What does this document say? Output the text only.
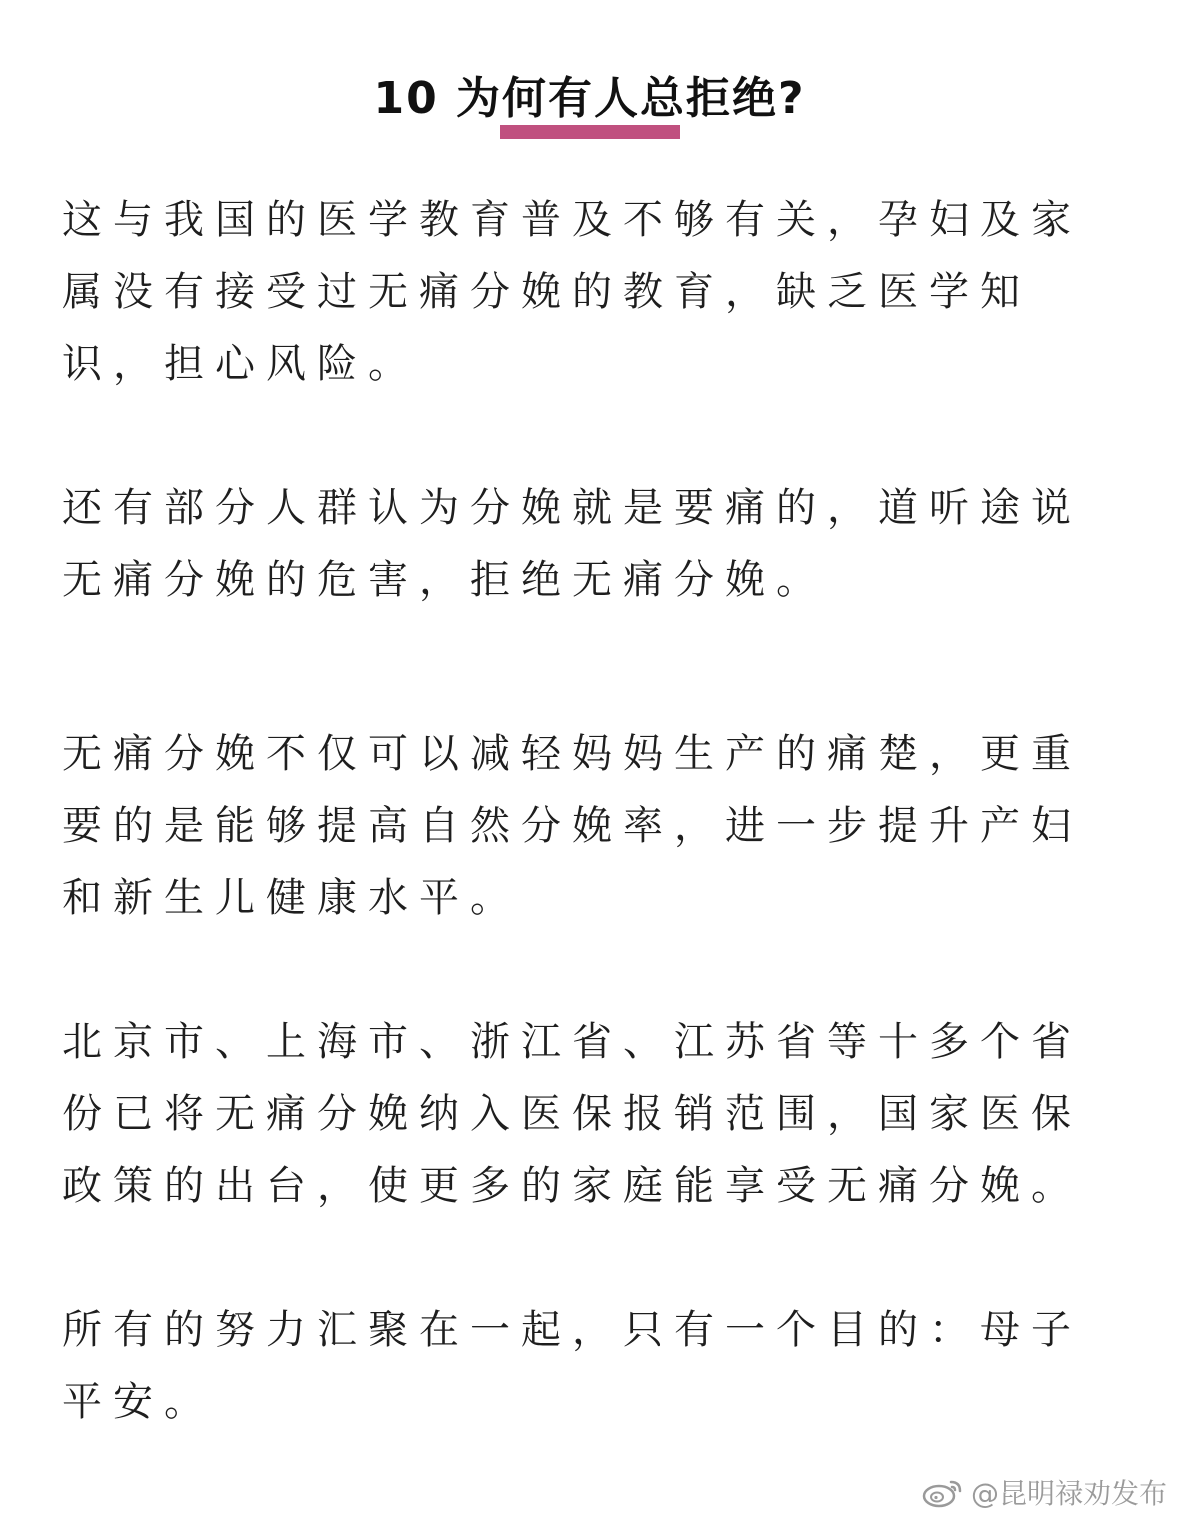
10 为何有人总拒绝?

这与我国的医学教育普及不够有关，孕妇及家属没有接受过无痛分娩的教育，缺乏医学知识，担心风险。

还有部分人群认为分娩就是要痛的，道听途说无痛分娩的危害，拒绝无痛分娩。

无痛分娩不仅可以减轻妈妈生产的痛楚，更重要的是能够提高自然分娩率，进一步提升产妇和新生儿健康水平。

北京市、上海市、浙江省、江苏省等十多个省份已将无痛分娩纳入医保报销范围，国家医保政策的出台，使更多的家庭能享受无痛分娩。

所有的努力汇聚在一起，只有一个目的：母子平安。

@昆明禄劝发布
